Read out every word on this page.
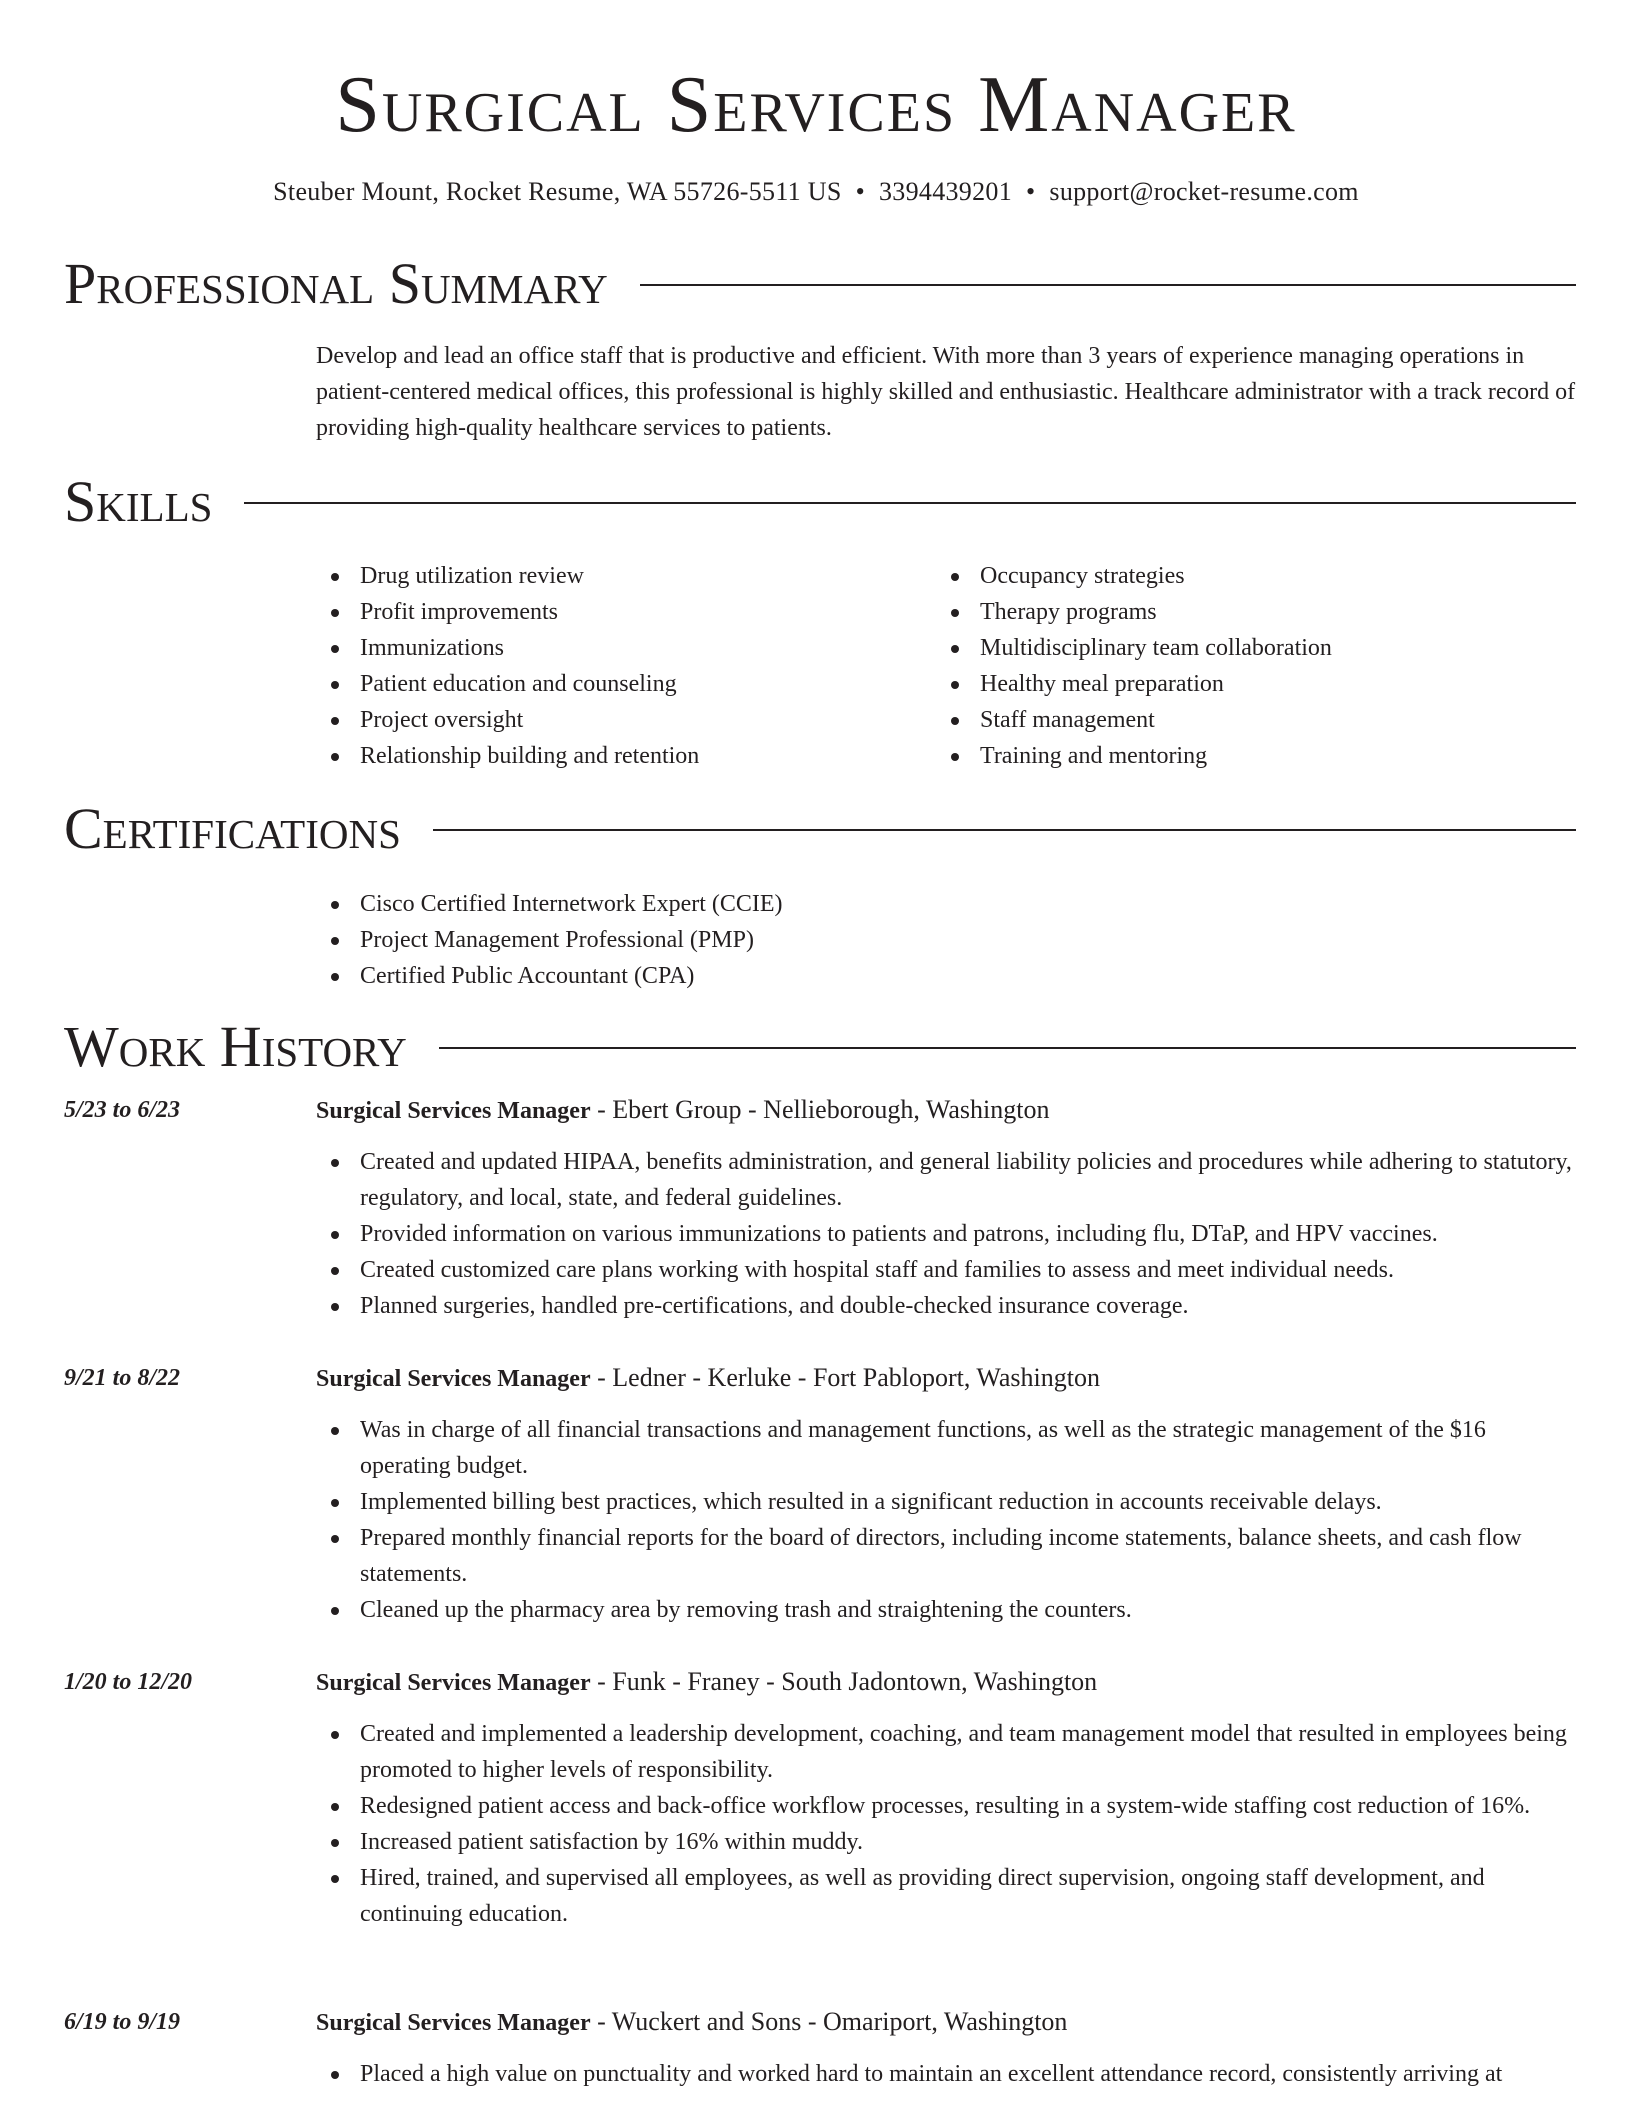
Surgical Services Manager
Steuber Mount, Rocket Resume, WA 55726-5511 US • 3394439201 • support@rocket-resume.com
Professional Summary
Develop and lead an office staff that is productive and efficient. With more than 3 years of experience managing operations in patient-centered medical offices, this professional is highly skilled and enthusiastic. Healthcare administrator with a track record of providing high-quality healthcare services to patients.
Skills
Drug utilization review
Profit improvements
Immunizations
Patient education and counseling
Project oversight
Relationship building and retention
Occupancy strategies
Therapy programs
Multidisciplinary team collaboration
Healthy meal preparation
Staff management
Training and mentoring
Certifications
Cisco Certified Internetwork Expert (CCIE)
Project Management Professional (PMP)
Certified Public Accountant (CPA)
Work History
5/23 to 6/23	Surgical Services Manager - Ebert Group - Nellieborough, Washington
Created and updated HIPAA, benefits administration, and general liability policies and procedures while adhering to statutory, regulatory, and local, state, and federal guidelines.
Provided information on various immunizations to patients and patrons, including flu, DTaP, and HPV vaccines.
Created customized care plans working with hospital staff and families to assess and meet individual needs.
Planned surgeries, handled pre-certifications, and double-checked insurance coverage.
9/21 to 8/22	Surgical Services Manager - Ledner - Kerluke - Fort Pabloport, Washington
Was in charge of all financial transactions and management functions, as well as the strategic management of the $16 operating budget.
Implemented billing best practices, which resulted in a significant reduction in accounts receivable delays.
Prepared monthly financial reports for the board of directors, including income statements, balance sheets, and cash flow statements.
Cleaned up the pharmacy area by removing trash and straightening the counters.
1/20 to 12/20	Surgical Services Manager - Funk - Franey - South Jadontown, Washington
Created and implemented a leadership development, coaching, and team management model that resulted in employees being promoted to higher levels of responsibility.
Redesigned patient access and back-office workflow processes, resulting in a system-wide staffing cost reduction of 16%.
Increased patient satisfaction by 16% within muddy.
Hired, trained, and supervised all employees, as well as providing direct supervision, ongoing staff development, and continuing education.
6/19 to 9/19	Surgical Services Manager - Wuckert and Sons - Omariport, Washington
Placed a high value on punctuality and worked hard to maintain an excellent attendance record, consistently arriving at
